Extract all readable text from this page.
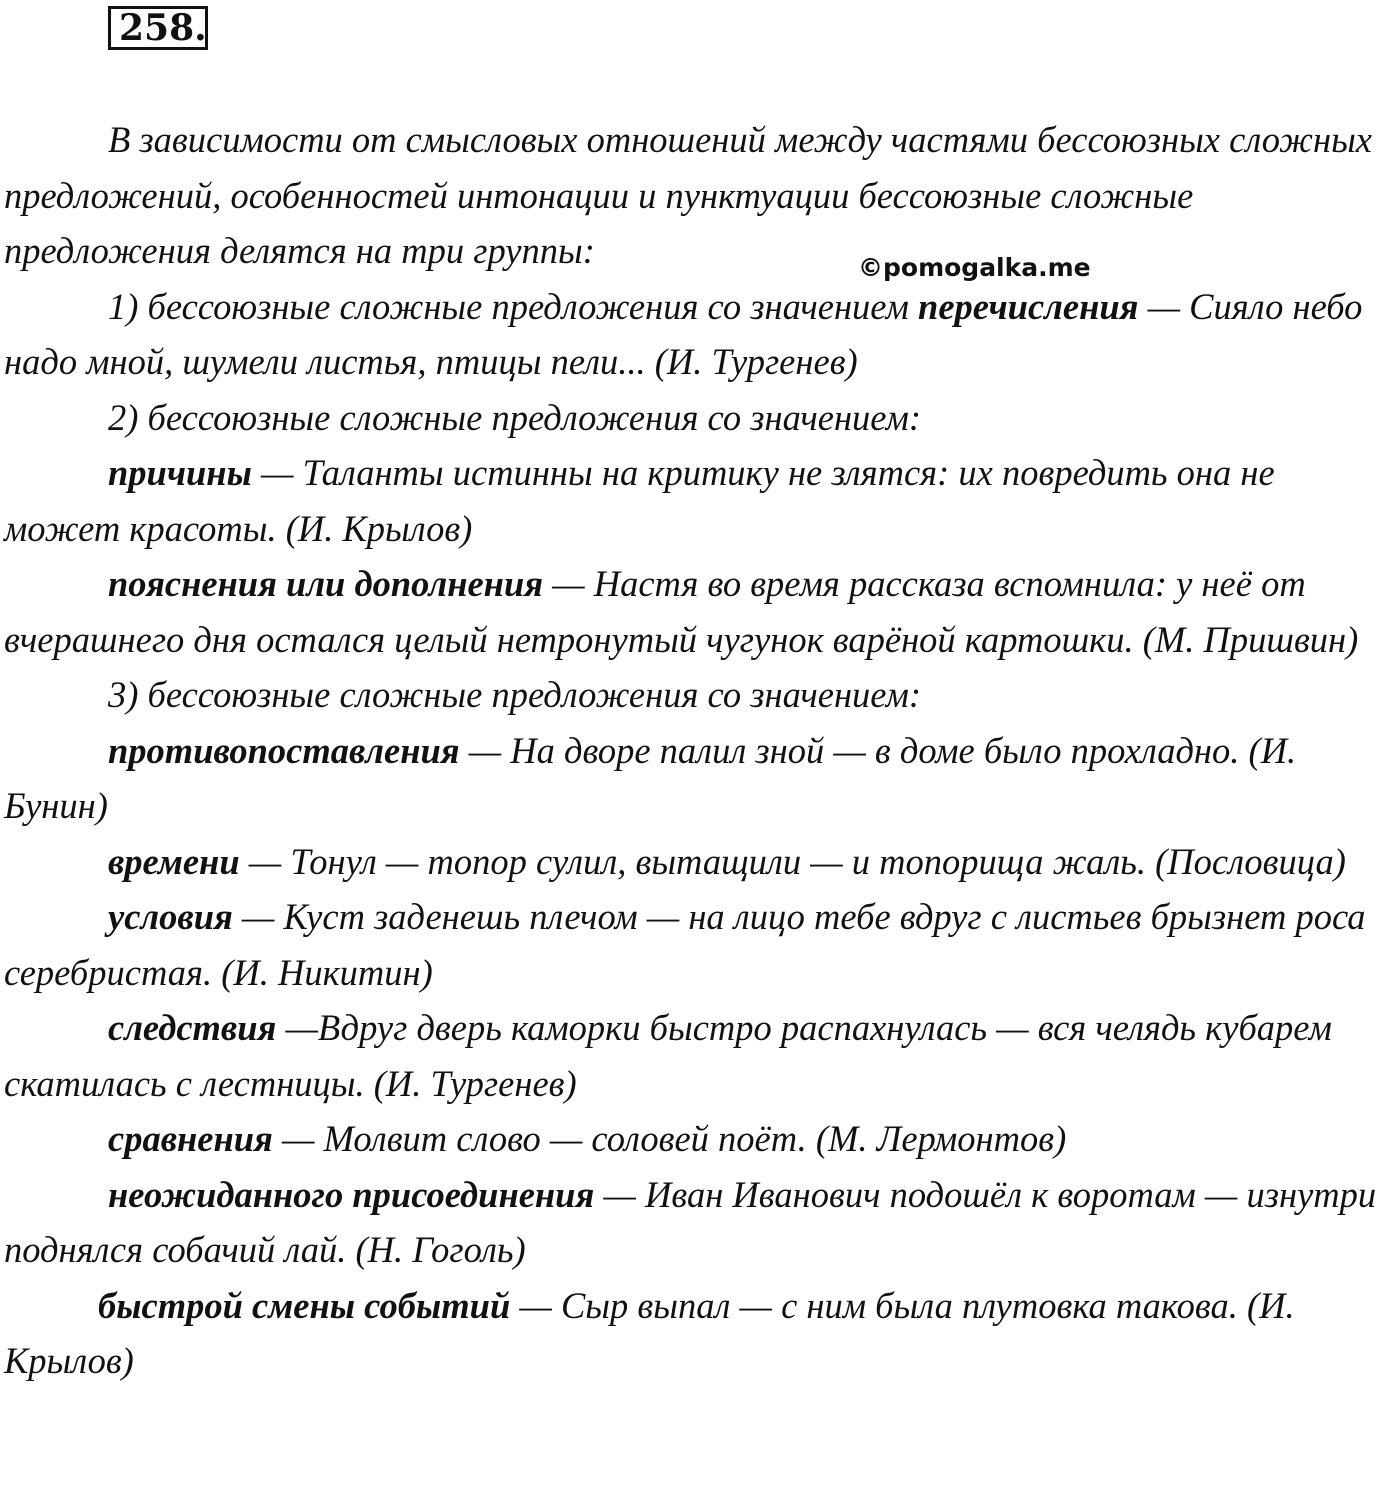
258.
©pomogalka.me

В зависимости от смысловых отношений между частями бессоюзных сложных предложений, особенностей интонации и пунктуации бессоюзные сложные предложения делятся на три группы:

1) бессоюзные сложные предложения со значением перечисления — Сияло небо надо мной, шумели листья, птицы пели... (И. Тургенев)

2) бессоюзные сложные предложения со значением:

причины — Таланты истинны на критику не злятся: их повредить она не может красоты. (И. Крылов)

пояснения или дополнения — Настя во время рассказа вспомнила: у неё от вчерашнего дня остался целый нетронутый чугунок варёной картошки. (М. Пришвин)

3) бессоюзные сложные предложения со значением:

противопоставления — На дворе палил зной — в доме было прохладно. (И. Бунин)

времени — Тонул — топор сулил, вытащили — и топорища жаль. (Пословица)

условия — Куст заденешь плечом — на лицо тебе вдруг с листьев брызнет роса серебристая. (И. Никитин)

следствия —Вдруг дверь каморки быстро распахнулась — вся челядь кубарем скатилась с лестницы. (И. Тургенев)

сравнения — Молвит слово — соловей поёт. (М. Лермонтов)

неожиданного присоединения — Иван Иванович подошёл к воротам — изнутри поднялся собачий лай. (Н. Гоголь)

быстрой смены событий — Сыр выпал — с ним была плутовка такова. (И. Крылов)
